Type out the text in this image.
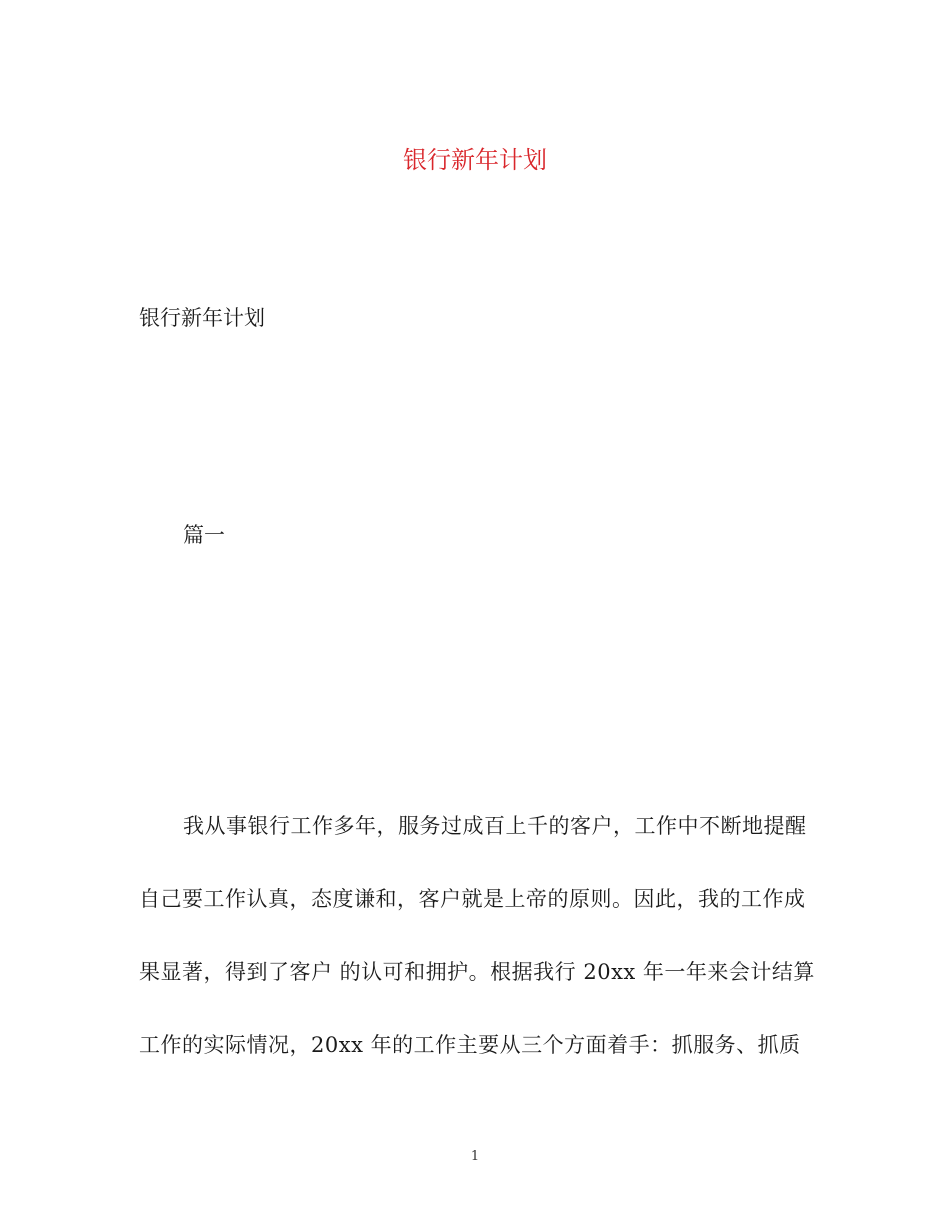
银行新年计划

银行新年计划

篇一

我从事银行工作多年，服务过成百上千的客户，工作中不断地提醒

自己要工作认真，态度谦和，客户就是上帝的原则。因此，我的工作成

果显著，得到了客户 的认可和拥护。根据我行 20xx 年一年来会计结算

工作的实际情况，20xx 年的工作主要从三个方面着手：抓服务、抓质

1
